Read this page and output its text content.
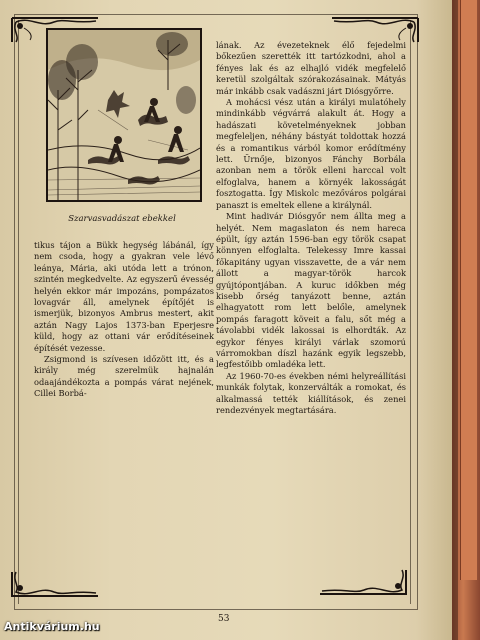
Szarvasvadászat ebekkel

lának. Az évezeteknek élő fejedelmi bőkezűen szerették itt tartózkodni, ahol a fényes lak és az elhajló vidék megfelelő keretül szolgáltak szórakozásainak. Mátyás már inkább csak vadászni járt Diósgyőrre.

A mohácsi vész után a királyi mulatóhely mindinkább végvárrá alakult át. Hogy a hadászati követelményeknek jobban megfeleljen, néhány bástyát toldottak hozzá és a romantikus várból komor erődítmény lett. Ürnője, bizonyos Fánchy Borbála azonban nem a török elleni harccal volt elfoglalva, hanem a környék lakosságát fosztogatta. Így Miskolc mezőváros polgárai panaszt is emeltek ellene a királynál.

Mint hadivár Diósgyőr nem állta meg a helyét. Nem magaslaton és nem hareca épült, így aztán 1596-ban egy török csapat könnyen elfoglalta. Telekessy Imre kassai főkapitány ugyan visszavette, de a vár nem állott a magyar-török harcok gyújtópontjában. A kuruc időkben még kisebb őrség tanyázott benne, aztán elhagyatott rom lett belőle, amelynek pompás faragott köveit a falu, sőt még a távolabbi vidék lakossai is elhordták. Az egykor fényes királyi várlak szomorú várromokban díszl hazánk egyik legszebb, legfestőibb omladéka lett.

Az 1960-70-es években némi helyreállítási munkák folytak, konzerválták a romokat, és alkalmassá tették kiállítások, és zenei rendezvények megtartására.

tikus tájon a Bükk hegység lábánál, így nem csoda, hogy a gyakran vele lévő leánya, Mária, aki utóda lett a trónon, szintén megkedvelte. Az egyszerű évesség helyén ekkor már impozáns, pompázatos lovagvár áll, amelynek építőjét is ismerjük, bizonyos Ambrus mestert, akit aztán Nagy Lajos 1373-ban Eperjesre küld, hogy az ottani vár erődítéseinek építését vezesse.

Zsigmond is szívesen időzött itt, és a király még szerelmük hajnalán odaajándékozta a pompás várat nejének, Cillei Borbá-

53
Antikvárium.hu
